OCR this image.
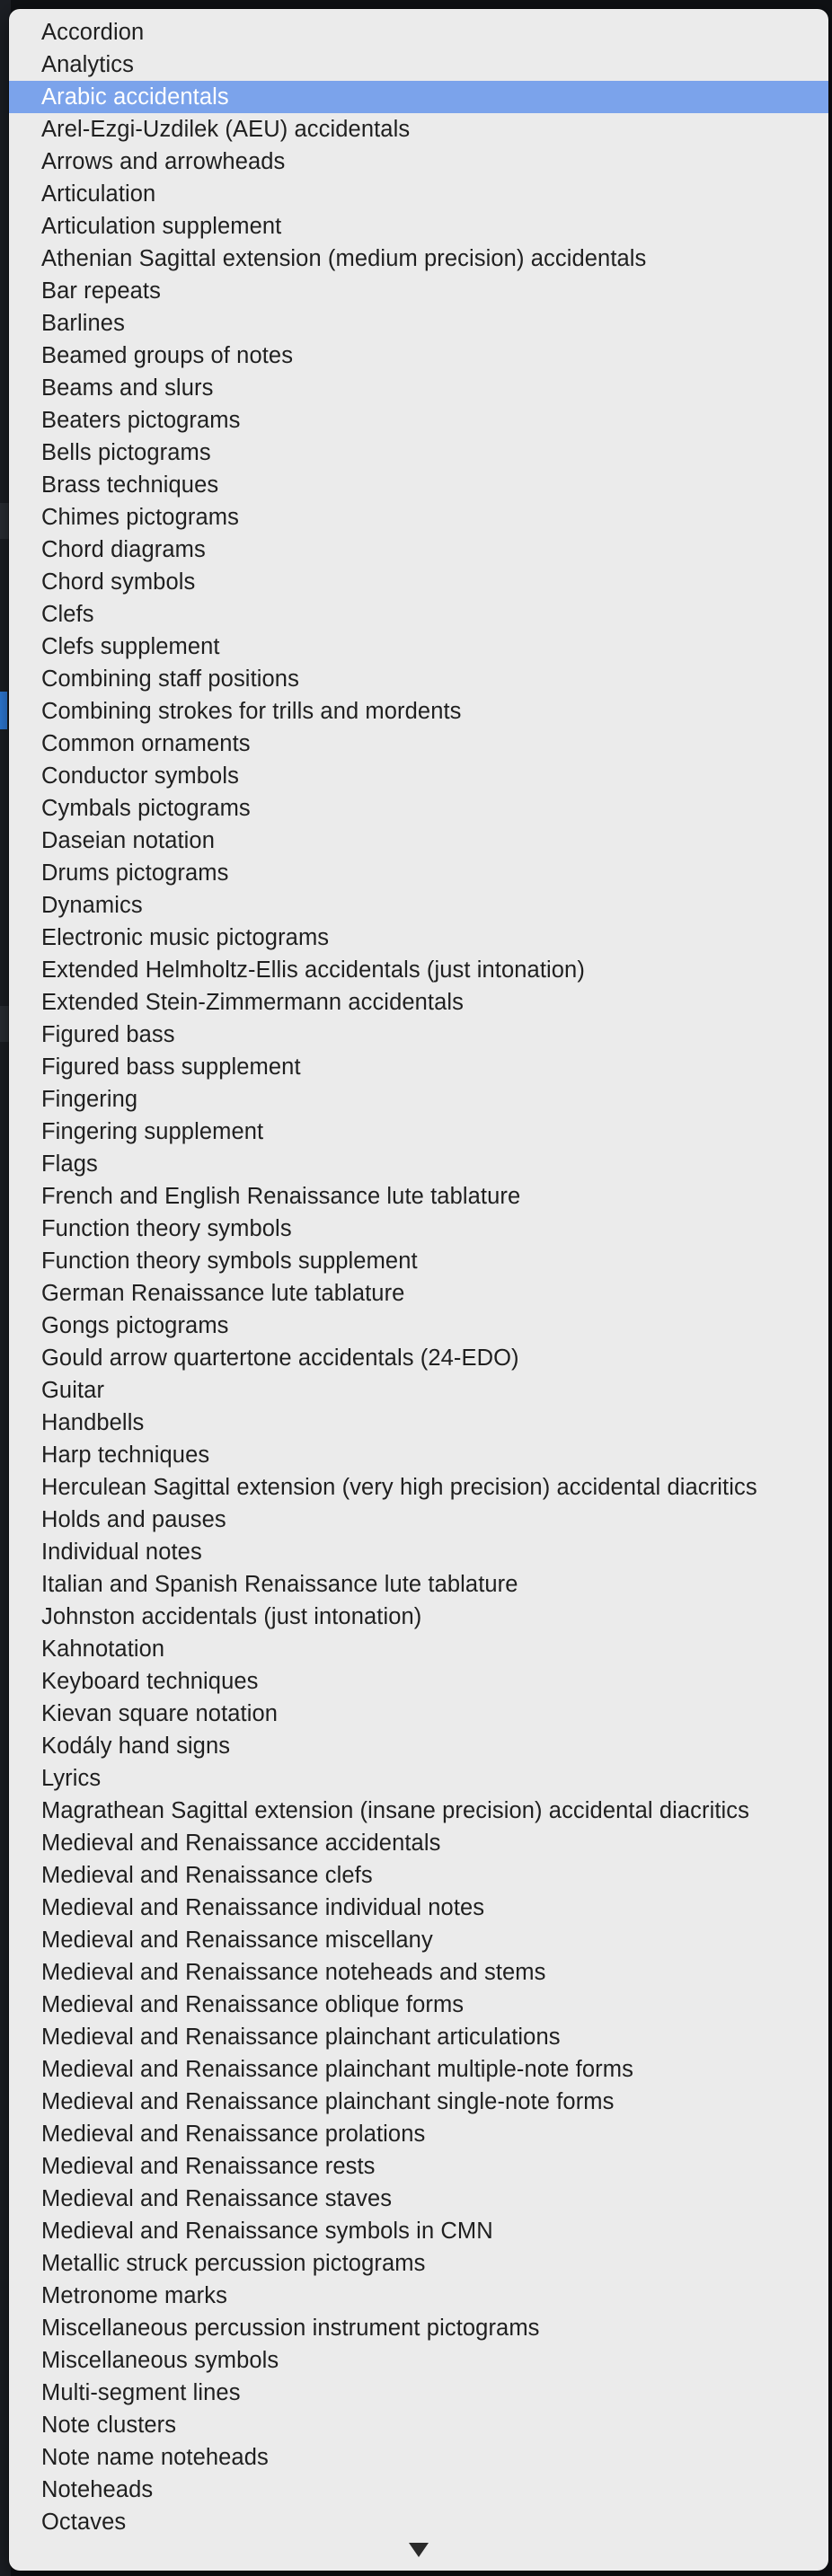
Accordion
Analytics
Arabic accidentals
Arel-Ezgi-Uzdilek (AEU) accidentals
Arrows and arrowheads
Articulation
Articulation supplement
Athenian Sagittal extension (medium precision) accidentals
Bar repeats
Barlines
Beamed groups of notes
Beams and slurs
Beaters pictograms
Bells pictograms
Brass techniques
Chimes pictograms
Chord diagrams
Chord symbols
Clefs
Clefs supplement
Combining staff positions
Combining strokes for trills and mordents
Common ornaments
Conductor symbols
Cymbals pictograms
Daseian notation
Drums pictograms
Dynamics
Electronic music pictograms
Extended Helmholtz-Ellis accidentals (just intonation)
Extended Stein-Zimmermann accidentals
Figured bass
Figured bass supplement
Fingering
Fingering supplement
Flags
French and English Renaissance lute tablature
Function theory symbols
Function theory symbols supplement
German Renaissance lute tablature
Gongs pictograms
Gould arrow quartertone accidentals (24-EDO)
Guitar
Handbells
Harp techniques
Herculean Sagittal extension (very high precision) accidental diacritics
Holds and pauses
Individual notes
Italian and Spanish Renaissance lute tablature
Johnston accidentals (just intonation)
Kahnotation
Keyboard techniques
Kievan square notation
Kodály hand signs
Lyrics
Magrathean Sagittal extension (insane precision) accidental diacritics
Medieval and Renaissance accidentals
Medieval and Renaissance clefs
Medieval and Renaissance individual notes
Medieval and Renaissance miscellany
Medieval and Renaissance noteheads and stems
Medieval and Renaissance oblique forms
Medieval and Renaissance plainchant articulations
Medieval and Renaissance plainchant multiple-note forms
Medieval and Renaissance plainchant single-note forms
Medieval and Renaissance prolations
Medieval and Renaissance rests
Medieval and Renaissance staves
Medieval and Renaissance symbols in CMN
Metallic struck percussion pictograms
Metronome marks
Miscellaneous percussion instrument pictograms
Miscellaneous symbols
Multi-segment lines
Note clusters
Note name noteheads
Noteheads
Octaves
